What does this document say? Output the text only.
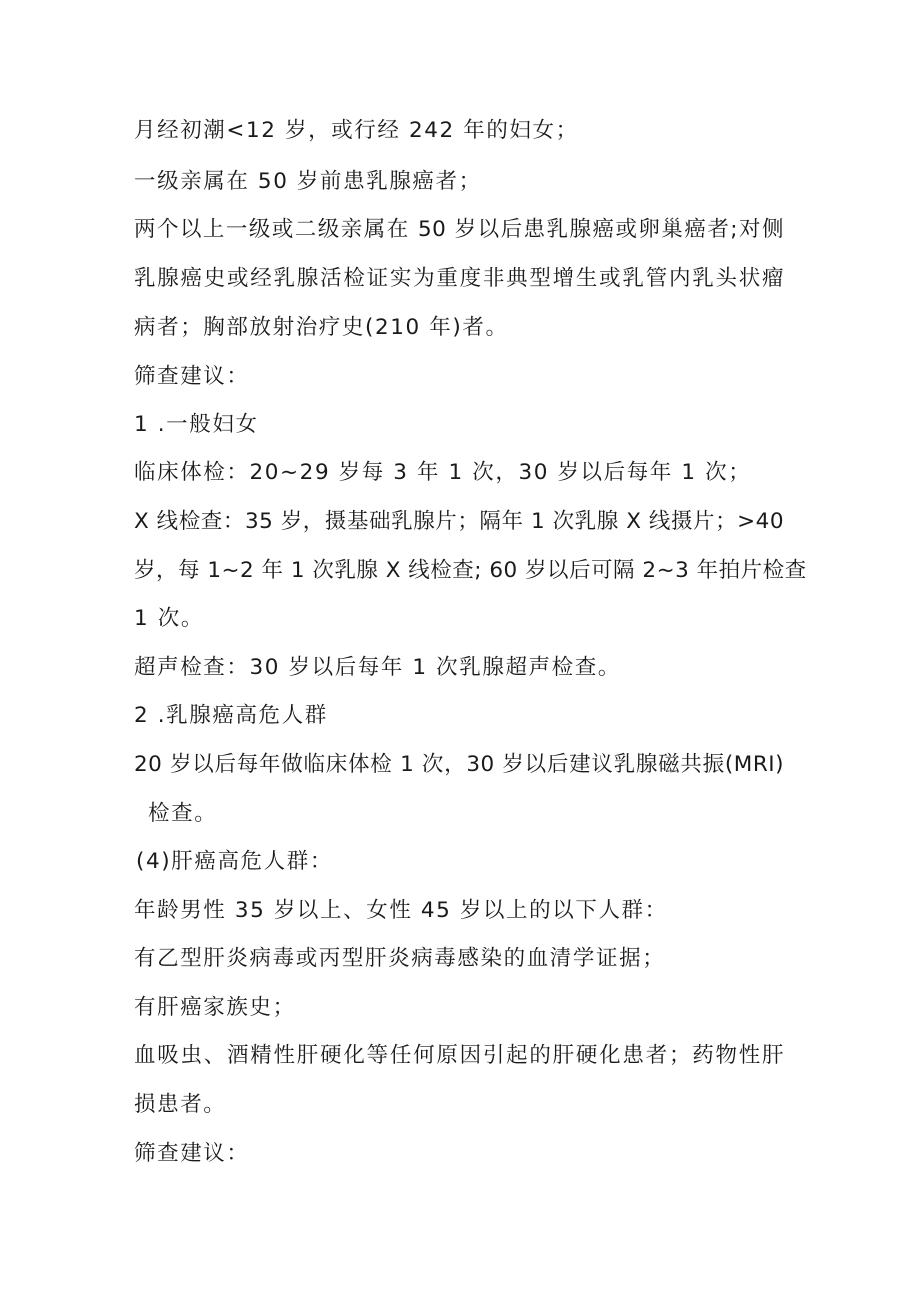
月经初潮<12 岁，或行经 242 年的妇女；
一级亲属在 50 岁前患乳腺癌者；
两个以上一级或二级亲属在 50 岁以后患乳腺癌或卵巢癌者;对侧
乳腺癌史或经乳腺活检证实为重度非典型增生或乳管内乳头状瘤
病者；胸部放射治疗史(210 年)者。
筛查建议：
1 .一般妇女
临床体检：20~29 岁每 3 年 1 次，30 岁以后每年 1 次；
X 线检查：35 岁，摄基础乳腺片；隔年 1 次乳腺 X 线摄片；>40
岁，每 1~2 年 1 次乳腺 X 线检查; 60 岁以后可隔 2~3 年拍片检查
1 次。
超声检查：30 岁以后每年 1 次乳腺超声检查。
2 .乳腺癌高危人群
20 岁以后每年做临床体检 1 次，30 岁以后建议乳腺磁共振(MRI)
检查。
(4)肝癌高危人群：
年龄男性 35 岁以上、女性 45 岁以上的以下人群：
有乙型肝炎病毒或丙型肝炎病毒感染的血清学证据；
有肝癌家族史；
血吸虫、酒精性肝硬化等任何原因引起的肝硬化患者；药物性肝
损患者。
筛查建议：
